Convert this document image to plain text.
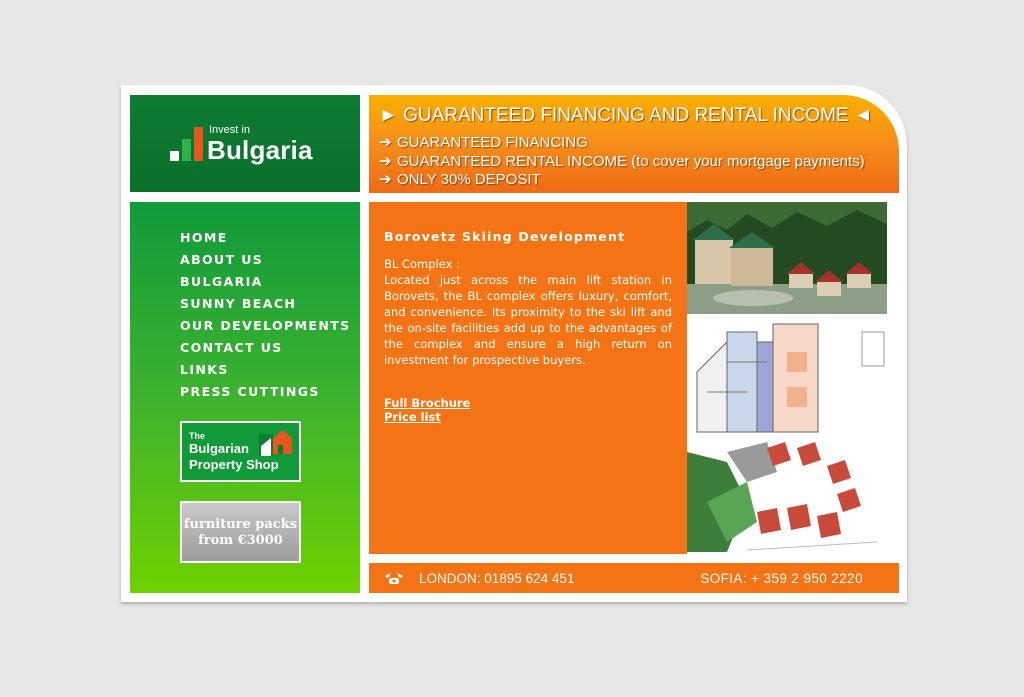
Invest in
Bulgaria
► GUARANTEED FINANCING AND RENTAL INCOME ◄
➔ GUARANTEED FINANCING
➔ GUARANTEED RENTAL INCOME (to cover your mortgage payments)
➔ ONLY 30% DEPOSIT
HOME
ABOUT US
BULGARIA
SUNNY BEACH
OUR DEVELOPMENTS
CONTACT US
LINKS
PRESS CUTTINGS
The
Bulgarian Property Shop
furniture packs
from €3000
Borovetz Skiing Development
BL Complex :
Located just across the main lift station in Borovets, the BL complex offers luxury, comfort, and convenience. Its proximity to the ski lift and the on-site facilities add up to the advantages of the complex and ensure a high return on investment for prospective buyers.
Full Brochure
Price list
LONDON: 01895 624 451	SOFIA: + 359 2 950 2220
